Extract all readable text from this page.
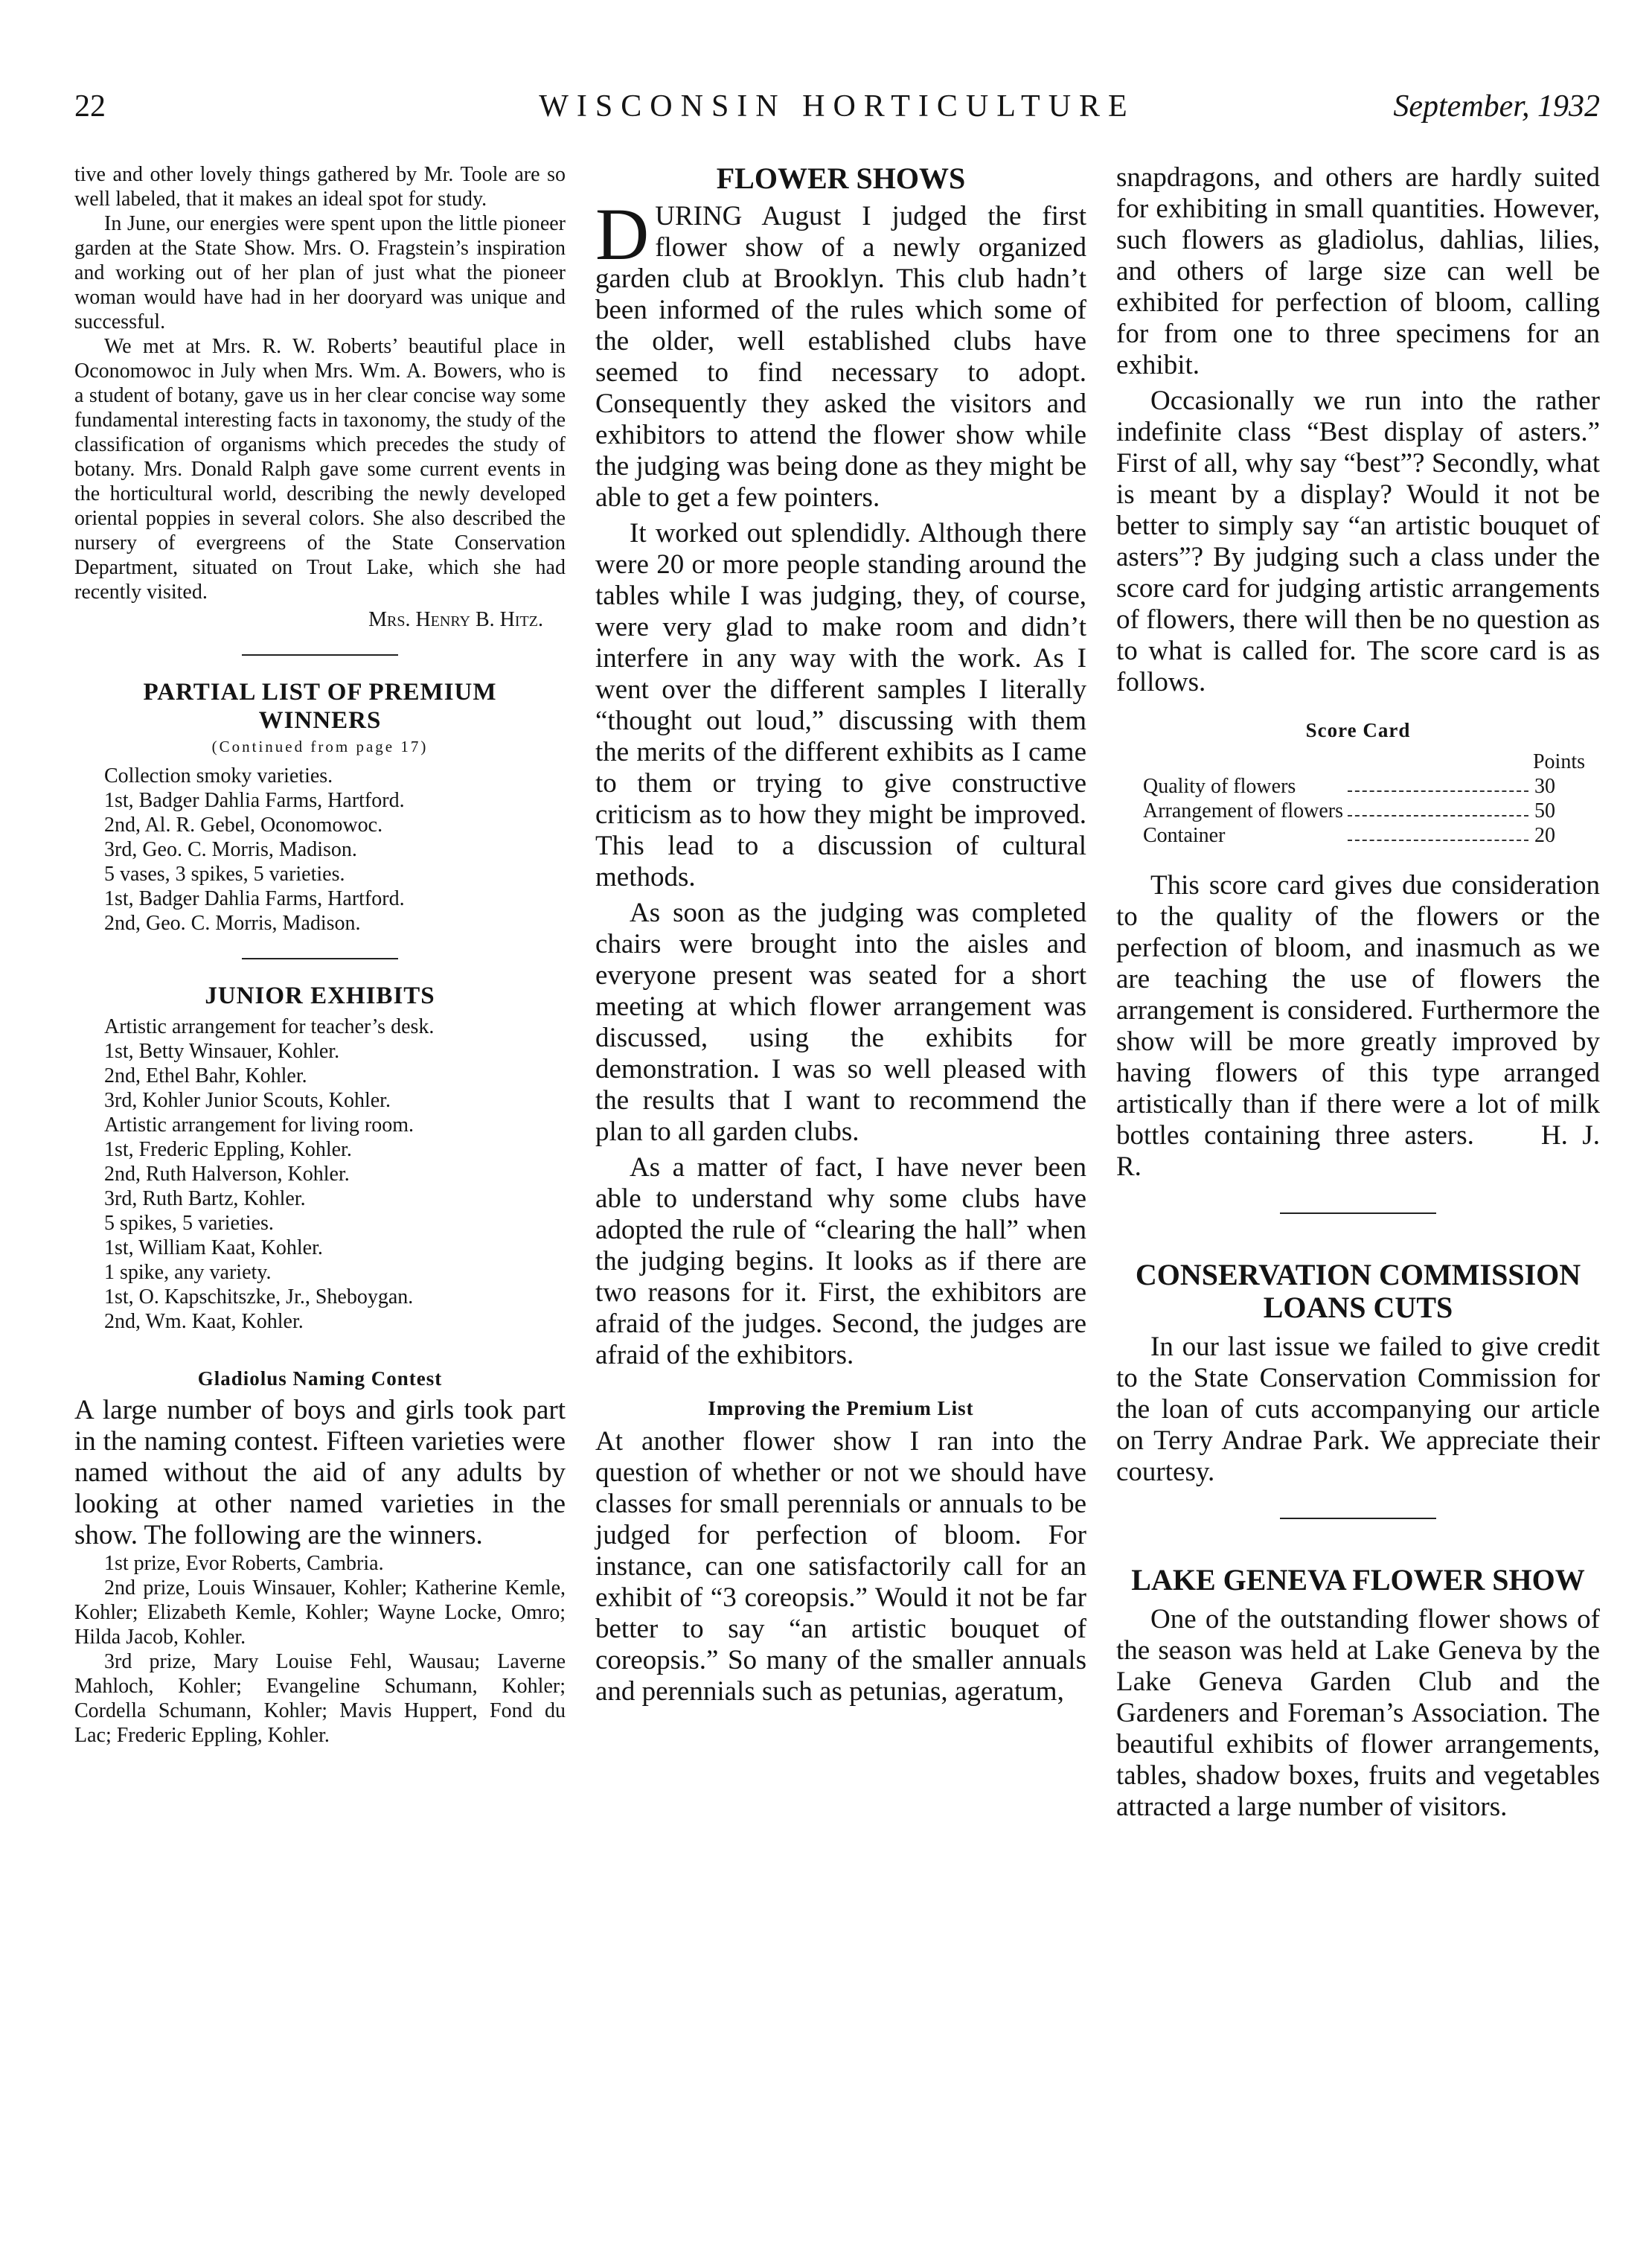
22	WISCONSIN HORTICULTURE	September, 1932

tive and other lovely things gathered by Mr. Toole are so well labeled, that it makes an ideal spot for study.

In June, our energies were spent upon the little pioneer garden at the State Show. Mrs. O. Fragstein’s inspiration and working out of her plan of just what the pioneer woman would have had in her dooryard was unique and successful.

We met at Mrs. R. W. Roberts’ beautiful place in Oconomowoc in July when Mrs. Wm. A. Bowers, who is a student of botany, gave us in her clear concise way some fundamental interesting facts in taxonomy, the study of the classification of organisms which precedes the study of botany. Mrs. Donald Ralph gave some current events in the horticultural world, describing the newly developed oriental poppies in several colors. She also described the nursery of evergreens of the State Conservation Department, situated on Trout Lake, which she had recently visited.

Mrs. Henry B. Hitz.
PARTIAL LIST OF PREMIUM WINNERS
(Continued from page 17)
Collection smoky varieties.
1st, Badger Dahlia Farms, Hartford.
2nd, Al. R. Gebel, Oconomowoc.
3rd, Geo. C. Morris, Madison.
5 vases, 3 spikes, 5 varieties.
1st, Badger Dahlia Farms, Hartford.
2nd, Geo. C. Morris, Madison.
JUNIOR EXHIBITS

Artistic arrangement for teacher’s desk.

1st, Betty Winsauer, Kohler.
2nd, Ethel Bahr, Kohler.
3rd, Kohler Junior Scouts, Kohler.

Artistic arrangement for living room.

1st, Frederic Eppling, Kohler.
2nd, Ruth Halverson, Kohler.
3rd, Ruth Bartz, Kohler.
5 spikes, 5 varieties.
1st, William Kaat, Kohler.
1 spike, any variety.
1st, O. Kapschitszke, Jr., Sheboygan.
2nd, Wm. Kaat, Kohler.
Gladiolus Naming Contest

A large number of boys and girls took part in the naming contest. Fifteen varieties were named without the aid of any adults by looking at other named varieties in the show. The following are the winners.

1st prize, Evor Roberts, Cambria.

2nd prize, Louis Winsauer, Kohler; Katherine Kemle, Kohler; Elizabeth Kemle, Kohler; Wayne Locke, Omro; Hilda Jacob, Kohler.

3rd prize, Mary Louise Fehl, Wausau; Laverne Mahloch, Kohler; Evangeline Schumann, Kohler; Cordella Schumann, Kohler; Mavis Huppert, Fond du Lac; Frederic Eppling, Kohler.

FLOWER SHOWS

DURING August I judged the first flower show of a newly organized garden club at Brooklyn. This club hadn’t been informed of the rules which some of the older, well established clubs have seemed to find necessary to adopt. Consequently they asked the visitors and exhibitors to attend the flower show while the judging was being done as they might be able to get a few pointers.

It worked out splendidly. Although there were 20 or more people standing around the tables while I was judging, they, of course, were very glad to make room and didn’t interfere in any way with the work. As I went over the different samples I literally “thought out loud,” discussing with them the merits of the different exhibits as I came to them or trying to give constructive criticism as to how they might be improved. This lead to a discussion of cultural methods.

As soon as the judging was completed chairs were brought into the aisles and everyone present was seated for a short meeting at which flower arrangement was discussed, using the exhibits for demonstration. I was so well pleased with the results that I want to recommend the plan to all garden clubs.

As a matter of fact, I have never been able to understand why some clubs have adopted the rule of “clearing the hall” when the judging begins. It looks as if there are two reasons for it. First, the exhibitors are afraid of the judges. Second, the judges are afraid of the exhibitors.

Improving the Premium List

At another flower show I ran into the question of whether or not we should have classes for small perennials or annuals to be judged for perfection of bloom. For instance, can one satisfactorily call for an exhibit of “3 coreopsis.” Would it not be far better to say “an artistic bouquet of coreopsis.” So many of the smaller annuals and perennials such as petunias, ageratum,

snapdragons, and others are hardly suited for exhibiting in small quantities. However, such flowers as gladiolus, dahlias, lilies, and others of large size can well be exhibited for perfection of bloom, calling for from one to three specimens for an exhibit.

Occasionally we run into the rather indefinite class “Best display of asters.” First of all, why say “best”? Secondly, what is meant by a display? Would it not be better to simply say “an artistic bouquet of asters”? By judging such a class under the score card for judging artistic arrangements of flowers, there will then be no question as to what is called for. The score card is as follows.

Score Card
		Points
Quality of flowers		30
Arrangement of flowers		50
Container		20

This score card gives due consideration to the quality of the flowers or the perfection of bloom, and inasmuch as we are teaching the use of flowers the arrangement is considered. Furthermore the show will be more greatly improved by having flowers of this type arranged artistically than if there were a lot of milk bottles containing three asters. H. J. R.

CONSERVATION COMMISSION LOANS CUTS

In our last issue we failed to give credit to the State Conservation Commission for the loan of cuts accompanying our article on Terry Andrae Park. We appreciate their courtesy.

LAKE GENEVA FLOWER SHOW

One of the outstanding flower shows of the season was held at Lake Geneva by the Lake Geneva Garden Club and the Gardeners and Foreman’s Association. The beautiful exhibits of flower arrangements, tables, shadow boxes, fruits and vegetables attracted a large number of visitors.
